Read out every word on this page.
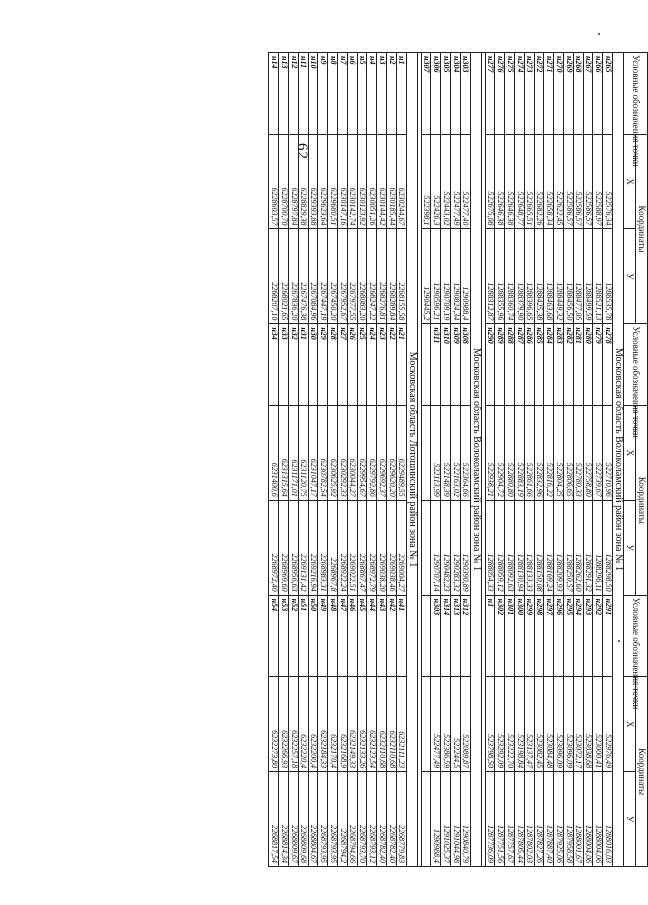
62	Условные обозначения точки	Координаты		Условные обозначения точки	Координаты		Условные обозначения точки	Координаты	
	X	У		X	У		X	У
Московская область Волоколамский район зона № 1								
н265	522576,34	1288535,78	н278	522710,96	1288298,50	н291	522976,49	1288016,03
н266	522588,97	1288521,13	н279	522739,67	1288296,11	н292	523000,41	1288004,06
н267	522586,57	1288499,59	н280	522758,80	1288291,32	н293	523038,68	1288004,06
н268	522586,57	1288477,05	н281	522780,33	1288262,60	н294	523072,17	1288001,67
н269	522586,57	1288456,50	н282	522806,65	1288250,57	н295	523096,09	1287958,58
н270	522622,45	1288449,32	н283	522804,25	1288209,93	н296	523096,09	1287925,06
н271	522658,34	1288463,68	н284	522816,22	1288169,24	н297	523084,48	1287887,40
н272	522682,26	1288425,38	н285	522832,96	1288150,08	н298	523082,45	1287827,26
н273	522665,51	1288396,65	н286	522861,66	1288133,33	н299	523137,47	1287802,03
н274	522648,77	1288379,90	н287	522883,19	1288130,94	н300	523198,84	1287805,44
н275	522646,38	1288360,74	н288	522880,80	1288092,63	н301	523222,70	1287757,67
н276	522646,38	1288355,96	н289	522904,72	1288059,12	н302	523292,09	1287751,56
н277	522675,08	1288312,87	н290	522938,21	1288054,33	н1	523798,50	1287736,09

Московская область Волоколамский район зона № 1								
н303	522477,40	1290988,4	н308	522364,66	1290390,89	н312	522089,87	1290840,79
н304	522477,49	1290824,34	н309	522163,02	1290283,32	н313	522244,5	1291044,98
н305	522443,02	1290709,19	н310	522148,39	1290482,23	н314	522386,59	1291025,37
н306	522426,3	1290596,21	н311	522113,99	1290707,14	н303	522477,49	1290988,4
н307	522398,1	1290445,2						

Московская область Лотошинский район зона № 1								
н1	6230244,67	2268155,58	н21	6229489,55	2269004,27	н41	6232111,23	2268779,83
н2	6230185,44	2268289,84	н22	6229620,20	2269038,46	н42	6232110,68	2268782,40
н3	6230144,42	2268276,81	н23	6229692,37	2269038,20	н43	6232110,68	2268782,40
н4	6230051,26	2268247,22	н24	6229792,86	2268972,79	н44	6232123,54	2268793,12
н5	6230123,92	2268083,20	н25	6229954,67	2268867,47	н45	6232133,26	2268793,70
н6	6230142,74	2267977,55	н26	6230044,27	2269022,51	н46	6232149,33	2268794,66
н7	6230147,16	2267952,67	н27	6230292,33	2268922,24	н47	6232168,9	2268794,2
н8	6229680,51	2267450,20	н28	6230625,92	2268967,8	н48	6232170,4	2268793,95
н9	6229623,64	2267447,19	н29	6230782,54	2268983,31	н49	6232184,33	2268793,95
н10	6229393,88	2267084,96	н30	6231047,17	2269216,94	н50	6232200,4	2268804,67
н11	6228829,38	2267476,38	н31	6231120,75	2269131,42	н51	6232220,4	2268809,68
н12	6228797,84	2267836,20	н32	6231171,01	2268956,63	н52	6232257,18	2268809,67
н13	6228700,70	2268021,65	н33	6231315,64	2268969,60	н53	6232266,93	2268814,34
н14	6228603,57	2268207,10	н34	6231400,6	2268972,40	н54	6232273,80	2268817,54
